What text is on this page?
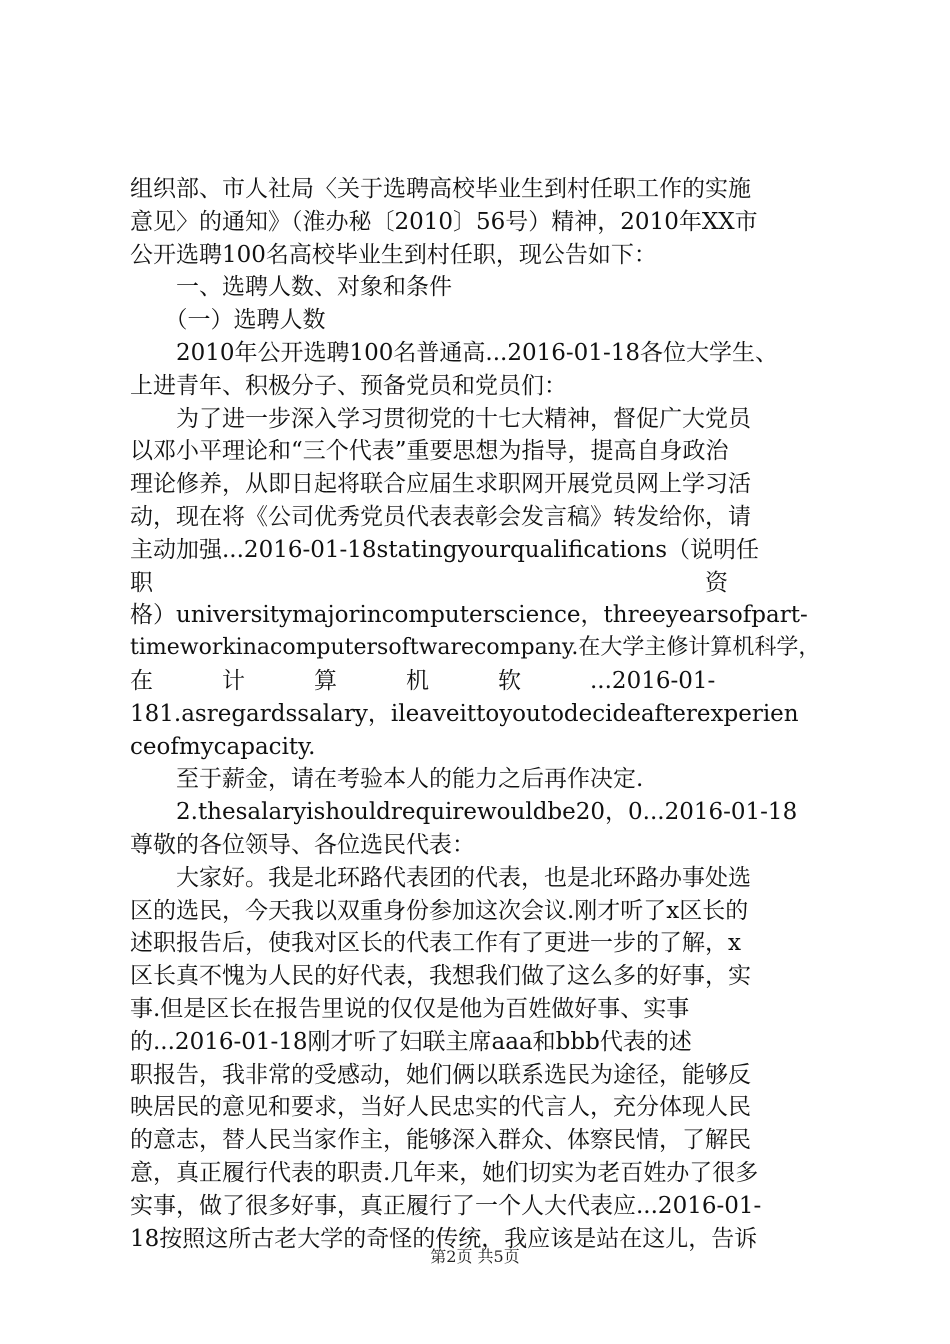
组织部、市人社局〈关于选聘高校毕业生到村任职工作的实施
意见〉的通知》（淮办秘〔2010〕56号）精神，2010年XX市
公开选聘100名高校毕业生到村任职，现公告如下：
　　一、选聘人数、对象和条件
　　（一）选聘人数
　　2010年公开选聘100名普通高...2016-01-18各位大学生、
上进青年、积极分子、预备党员和党员们：
　　为了进一步深入学习贯彻党的十七大精神，督促广大党员
以邓小平理论和“三个代表”重要思想为指导，提高自身政治
理论修养，从即日起将联合应届生求职网开展党员网上学习活
动，现在将《公司优秀党员代表表彰会发言稿》转发给你，请
主动加强...2016-01-18statingyourqualifications（说明任
职　　　　　　　　　　　　　　　　　　　　　　　　资
格）universitymajorincomputerscience，threeyearsofpart-
timeworkinacomputersoftwarecompany.在大学主修计算机科学，
在　　　计　　　算　　　机　　　软　　　...2016-01-
181.asregardssalary，ileaveittoyoutodecideafterexperien
ceofmycapacity.
　　至于薪金，请在考验本人的能力之后再作决定.
　　2.thesalaryishouldrequirewouldbe20，0...2016-01-18
尊敬的各位领导、各位选民代表：
　　大家好。我是北环路代表团的代表，也是北环路办事处选
区的选民，今天我以双重身份参加这次会议.刚才听了x区长的
述职报告后，使我对区长的代表工作有了更进一步的了解，x
区长真不愧为人民的好代表，我想我们做了这么多的好事，实
事.但是区长在报告里说的仅仅是他为百姓做好事、实事
的...2016-01-18刚才听了妇联主席aaa和bbb代表的述
职报告，我非常的受感动，她们俩以联系选民为途径，能够反
映居民的意见和要求，当好人民忠实的代言人，充分体现人民
的意志，替人民当家作主，能够深入群众、体察民情，了解民
意，真正履行代表的职责.几年来，她们切实为老百姓办了很多
实事，做了很多好事，真正履行了一个人大代表应...2016-01-
18按照这所古老大学的奇怪的传统，我应该是站在这儿，告诉
第2页 共5页
